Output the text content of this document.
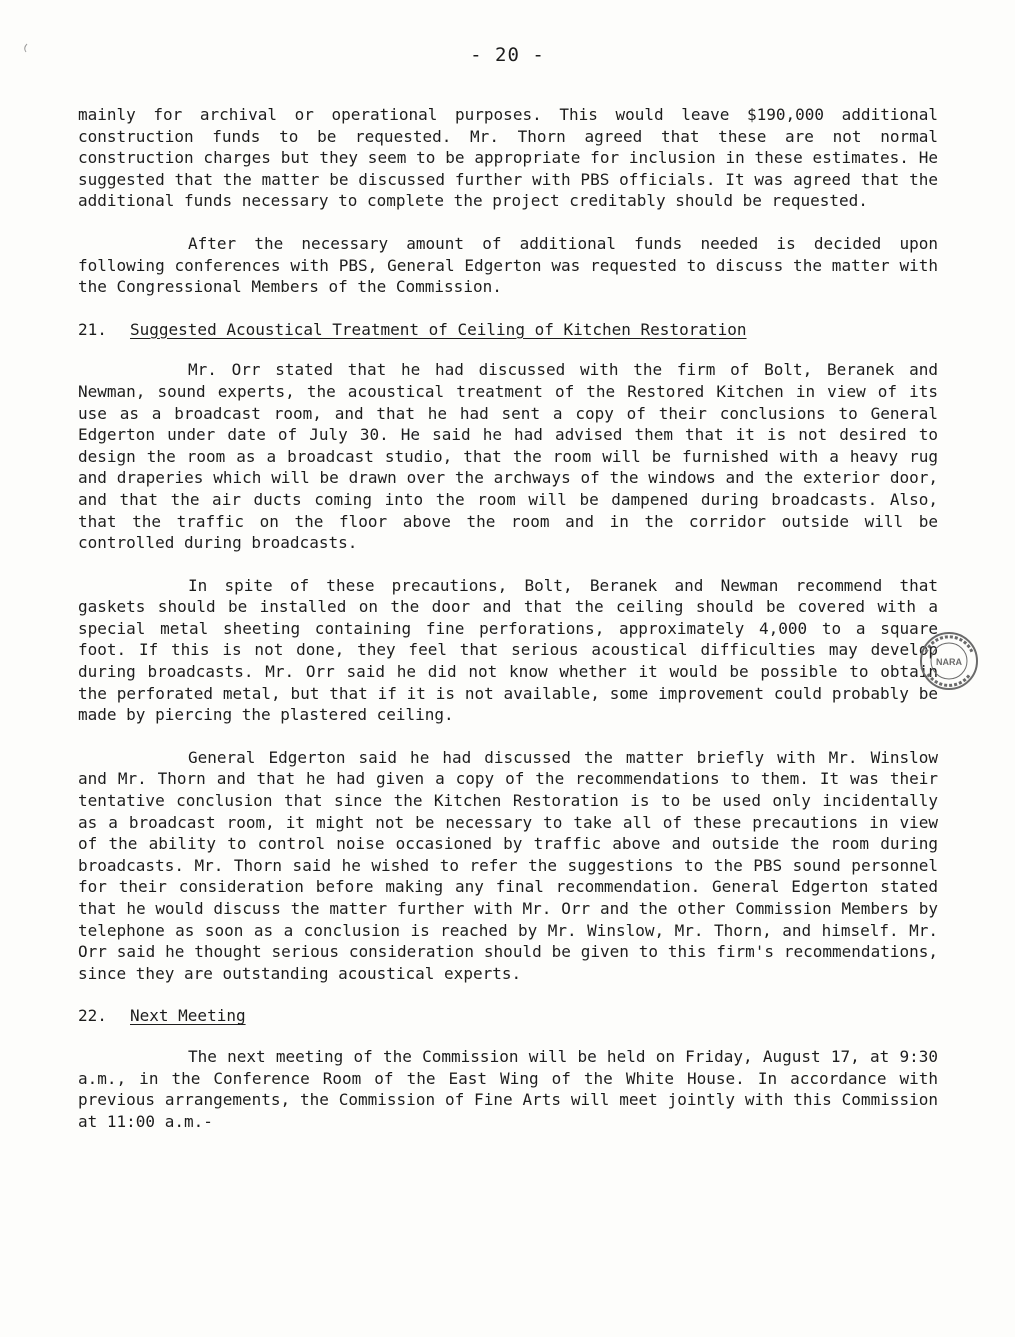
- 20 -

mainly for archival or operational purposes. This would leave $190,000 additional construction funds to be requested. Mr. Thorn agreed that these are not normal construction charges but they seem to be appropriate for inclusion in these estimates. He suggested that the matter be discussed further with PBS officials. It was agreed that the additional funds necessary to complete the project creditably should be requested.

After the necessary amount of additional funds needed is decided upon following conferences with PBS, General Edgerton was requested to discuss the matter with the Congressional Members of the Commission.

21. Suggested Acoustical Treatment of Ceiling of Kitchen Restoration

Mr. Orr stated that he had discussed with the firm of Bolt, Beranek and Newman, sound experts, the acoustical treatment of the Restored Kitchen in view of its use as a broadcast room, and that he had sent a copy of their conclusions to General Edgerton under date of July 30. He said he had advised them that it is not desired to design the room as a broadcast studio, that the room will be furnished with a heavy rug and draperies which will be drawn over the archways of the windows and the exterior door, and that the air ducts coming into the room will be dampened during broadcasts. Also, that the traffic on the floor above the room and in the corridor outside will be controlled during broadcasts.

In spite of these precautions, Bolt, Beranek and Newman recommend that gaskets should be installed on the door and that the ceiling should be covered with a special metal sheeting containing fine perforations, approximately 4,000 to a square foot. If this is not done, they feel that serious acoustical difficulties may develop during broadcasts. Mr. Orr said he did not know whether it would be possible to obtain the perforated metal, but that if it is not available, some improvement could probably be made by piercing the plastered ceiling.

General Edgerton said he had discussed the matter briefly with Mr. Winslow and Mr. Thorn and that he had given a copy of the recommendations to them. It was their tentative conclusion that since the Kitchen Restoration is to be used only incidentally as a broadcast room, it might not be necessary to take all of these precautions in view of the ability to control noise occasioned by traffic above and outside the room during broadcasts. Mr. Thorn said he wished to refer the suggestions to the PBS sound personnel for their consideration before making any final recommendation. General Edgerton stated that he would discuss the matter further with Mr. Orr and the other Commission Members by telephone as soon as a conclusion is reached by Mr. Winslow, Mr. Thorn, and himself. Mr. Orr said he thought serious consideration should be given to this firm's recommendations, since they are outstanding acoustical experts.

22. Next Meeting

The next meeting of the Commission will be held on Friday, August 17, at 9:30 a.m., in the Conference Room of the East Wing of the White House. In accordance with previous arrangements, the Commission of Fine Arts will meet jointly with this Commission at 11:00 a.m.-

NARA
